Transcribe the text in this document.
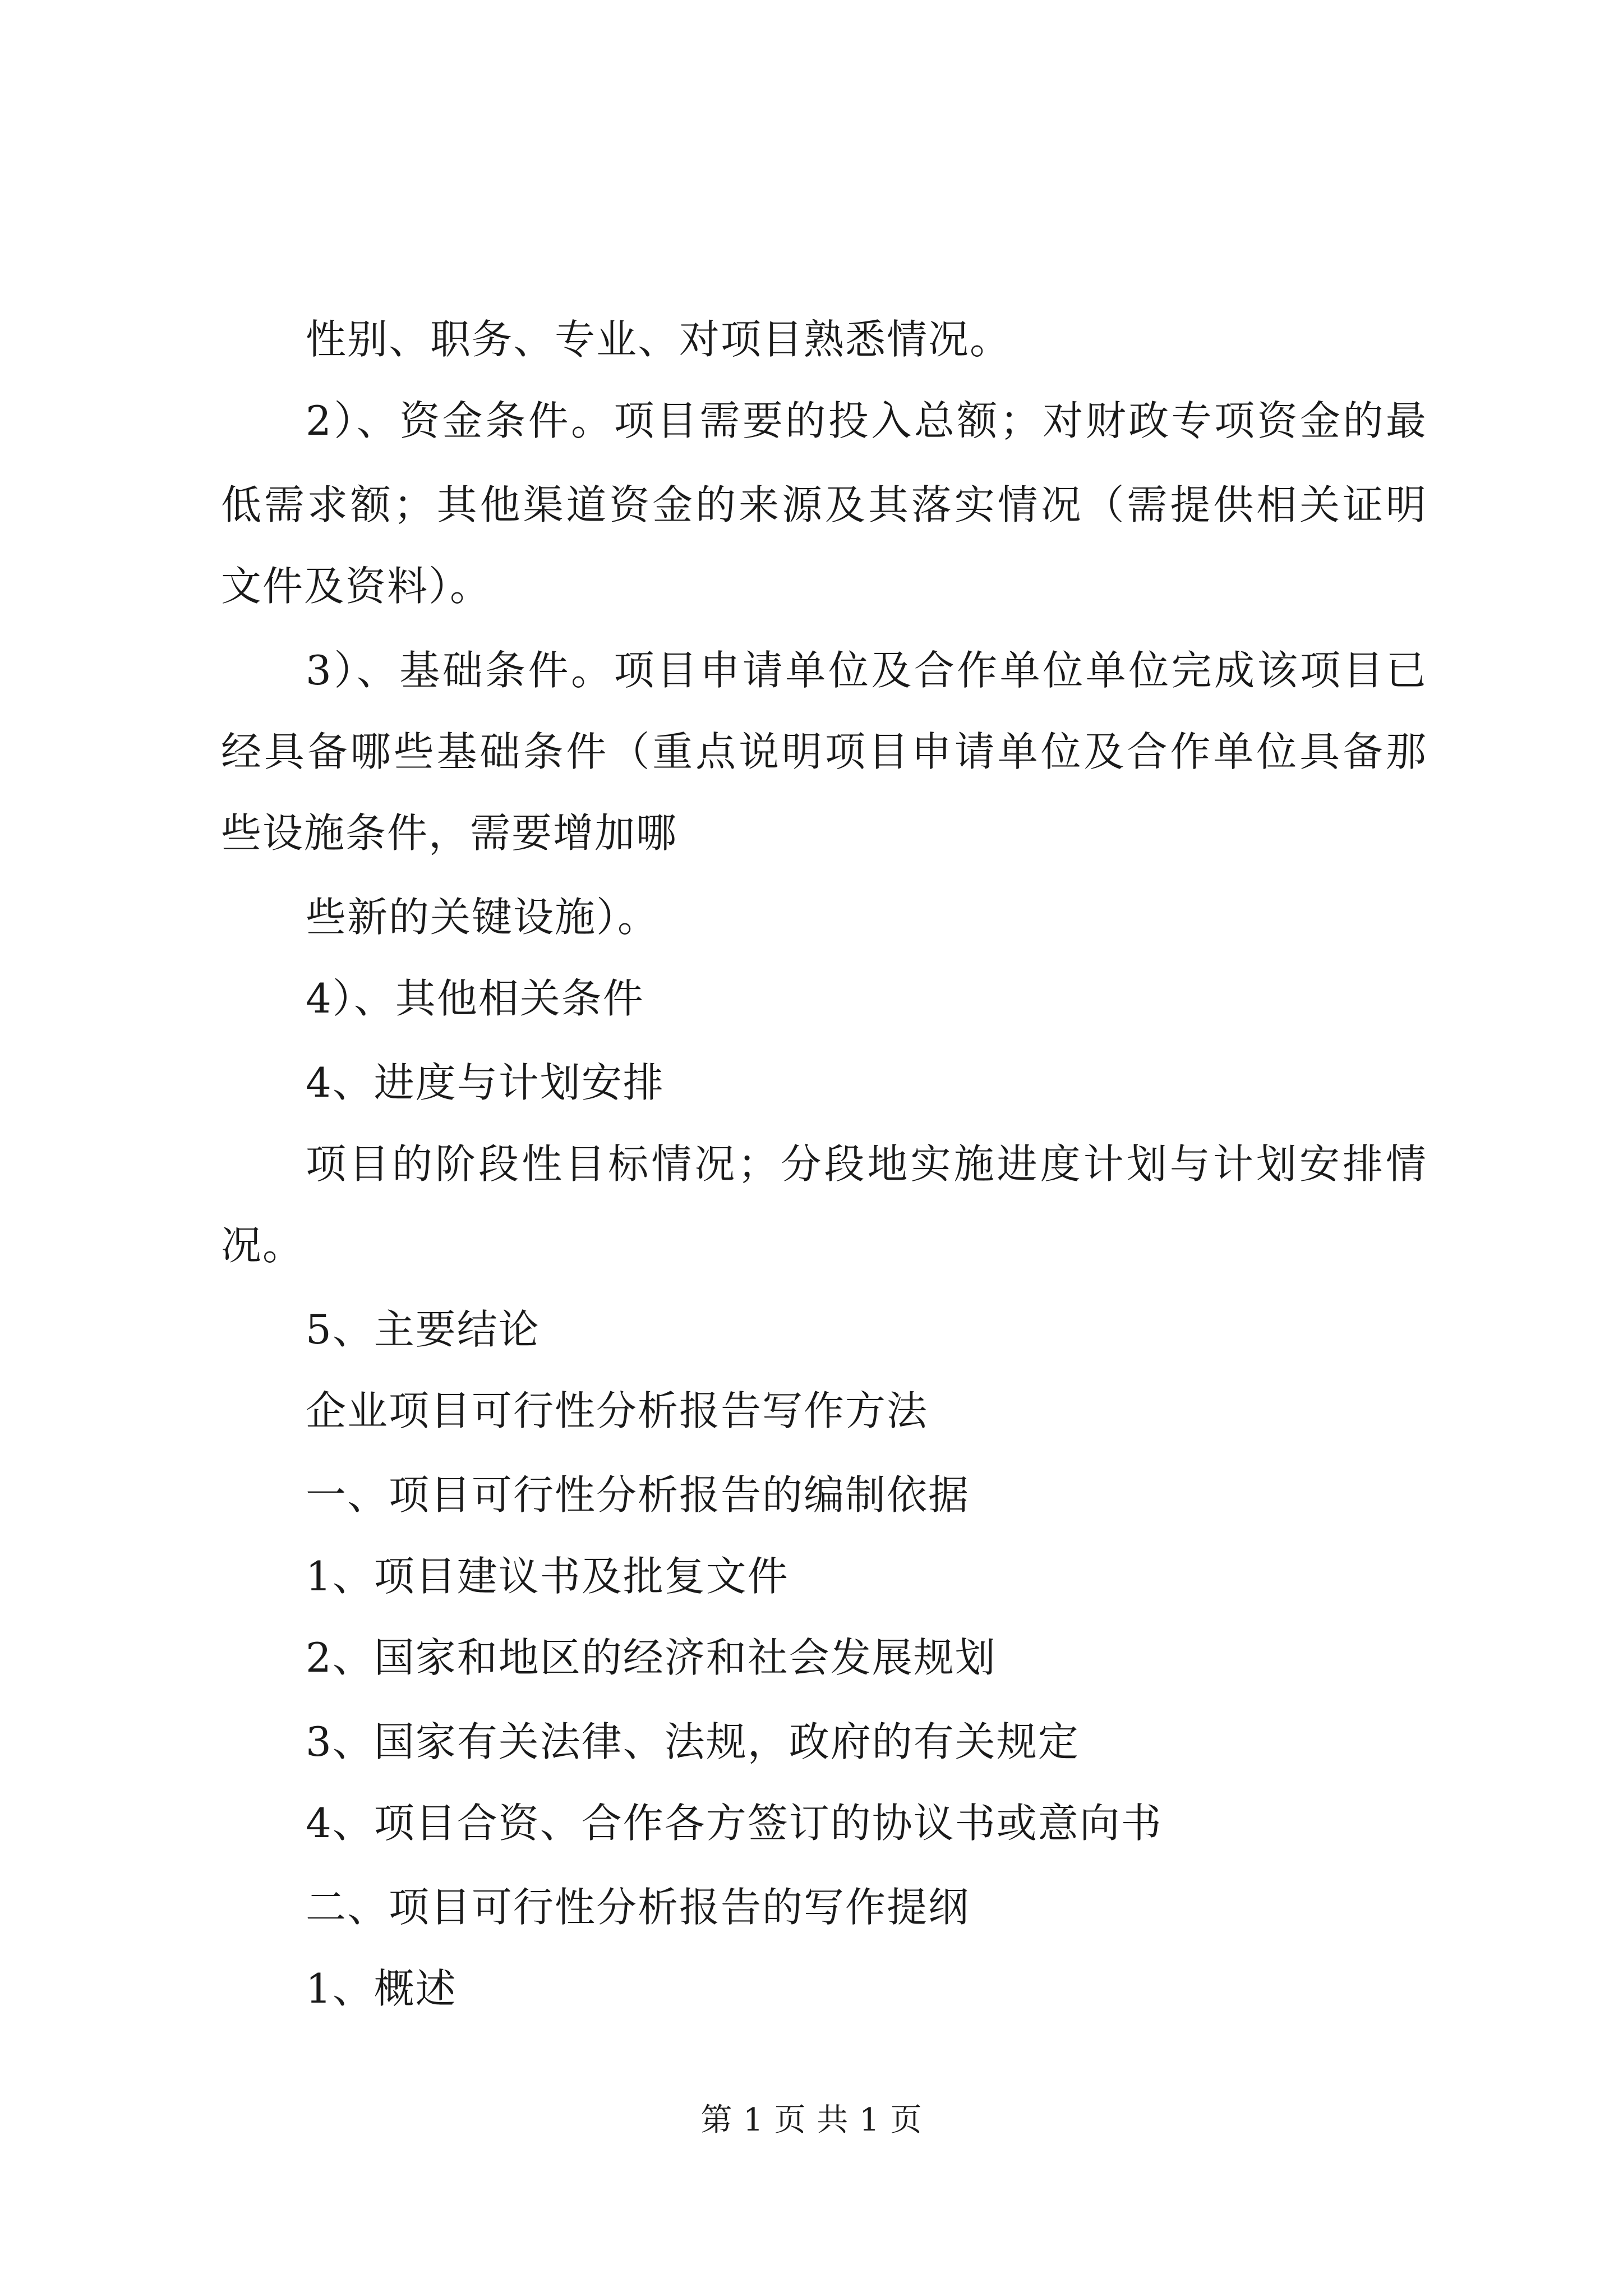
性别、职务、专业、对项目熟悉情况。
2）、资金条件。项目需要的投入总额；对财政专项资金的最
低需求额；其他渠道资金的来源及其落实情况（需提供相关证明
文件及资料）。
3）、基础条件。项目申请单位及合作单位单位完成该项目已
经具备哪些基础条件（重点说明项目申请单位及合作单位具备那
些设施条件，需要增加哪
些新的关键设施）。
4）、其他相关条件
4、进度与计划安排
项目的阶段性目标情况；分段地实施进度计划与计划安排情
况。
5、主要结论
企业项目可行性分析报告写作方法
一、项目可行性分析报告的编制依据
1、项目建议书及批复文件
2、国家和地区的经济和社会发展规划
3、国家有关法律、法规，政府的有关规定
4、项目合资、合作各方签订的协议书或意向书
二、项目可行性分析报告的写作提纲
1、概述
第 1 页 共 1 页
